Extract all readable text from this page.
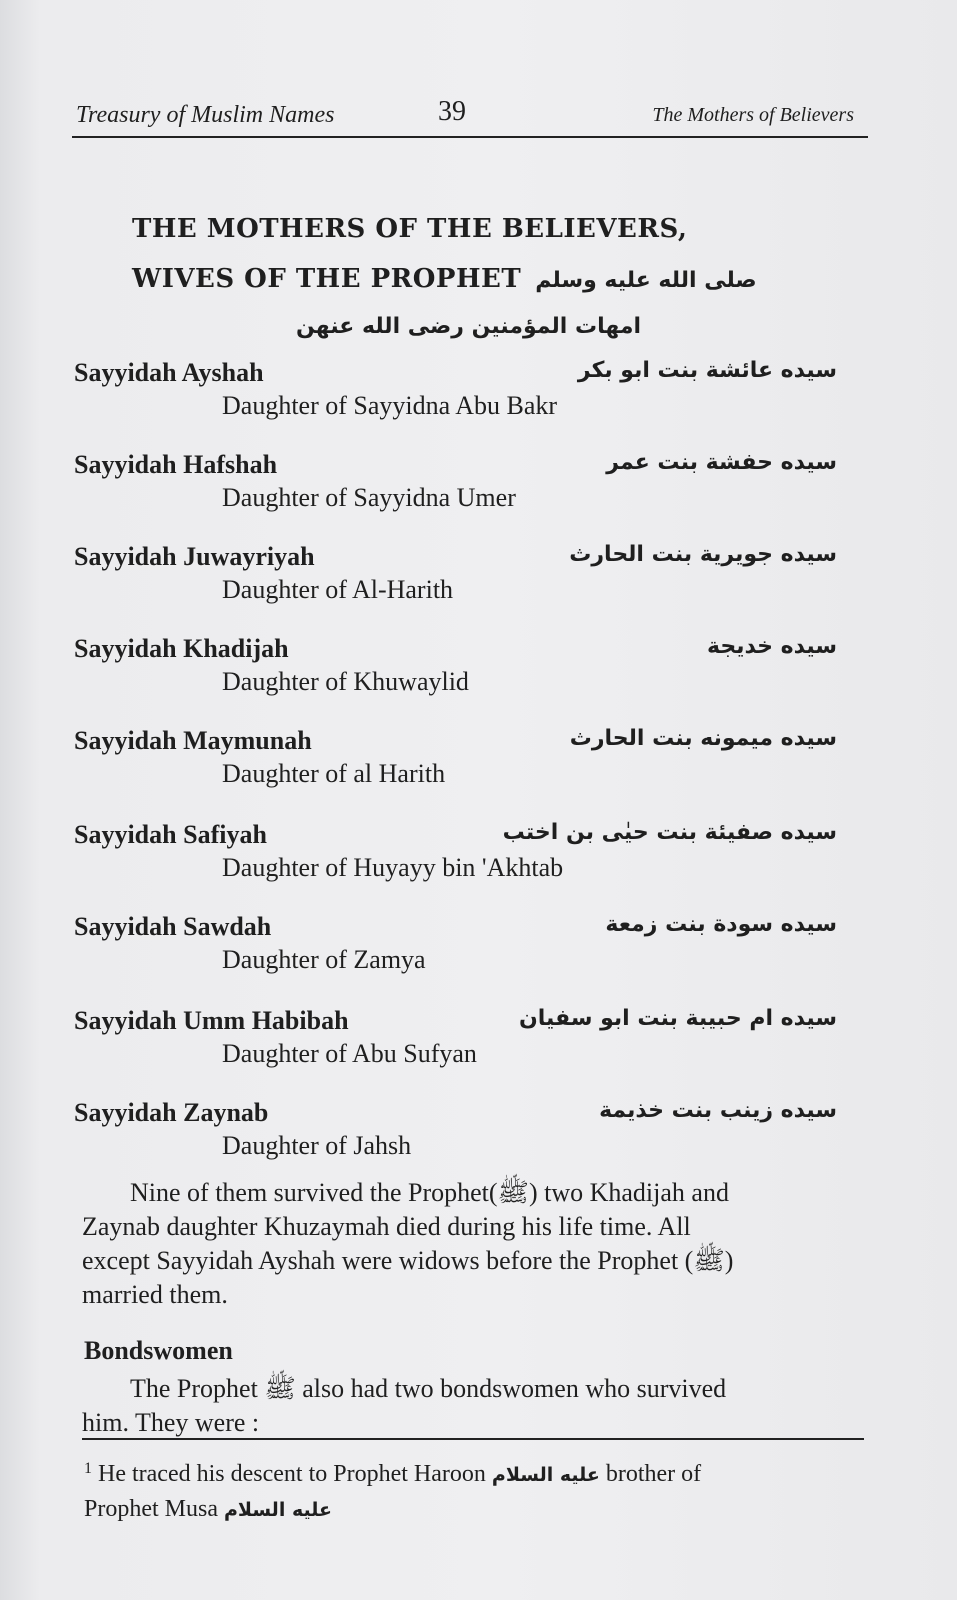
Treasury of Muslim Names	39	The Mothers of Believers
THE MOTHERS OF THE BELIEVERS,
WIVES OF THE PROPHET صلى الله عليه وسلم
امهات المؤمنين رضى الله عنهن
Sayyidah Ayshah	سیده عائشة بنت ابو بکر
Daughter of Sayyidna Abu Bakr
Sayyidah Hafshah	سیده حفشة بنت عمر
Daughter of Sayyidna Umer
Sayyidah Juwayriyah	سیده جویریة بنت الحارث
Daughter of Al-Harith
Sayyidah Khadijah	سیده خدیجة
Daughter of Khuwaylid
Sayyidah Maymunah	سیده میمونه بنت الحارث
Daughter of al Harith
Sayyidah Safiyah	سیده صفیئة بنت حیٰی بن اختب
Daughter of Huyayy bin 'Akhtab
Sayyidah Sawdah	سیده سودة بنت زمعة
Daughter of Zamya
Sayyidah Umm Habibah	سیده ام حبیبة بنت ابو سفیان
Daughter of Abu Sufyan
Sayyidah Zaynab	سیده زینب بنت خذیمة
Daughter of Jahsh
Nine of them survived the Prophet(ﷺ) two Khadijah and
Zaynab daughter Khuzaymah died during his life time. All
except Sayyidah Ayshah were widows before the Prophet (ﷺ)
married them.
Bondswomen
The Prophet ﷺ also had two bondswomen who survived
him. They were :
$^1$ He traced his descent to Prophet Haroon علیه السلام brother of
Prophet Musa علیه السلام
